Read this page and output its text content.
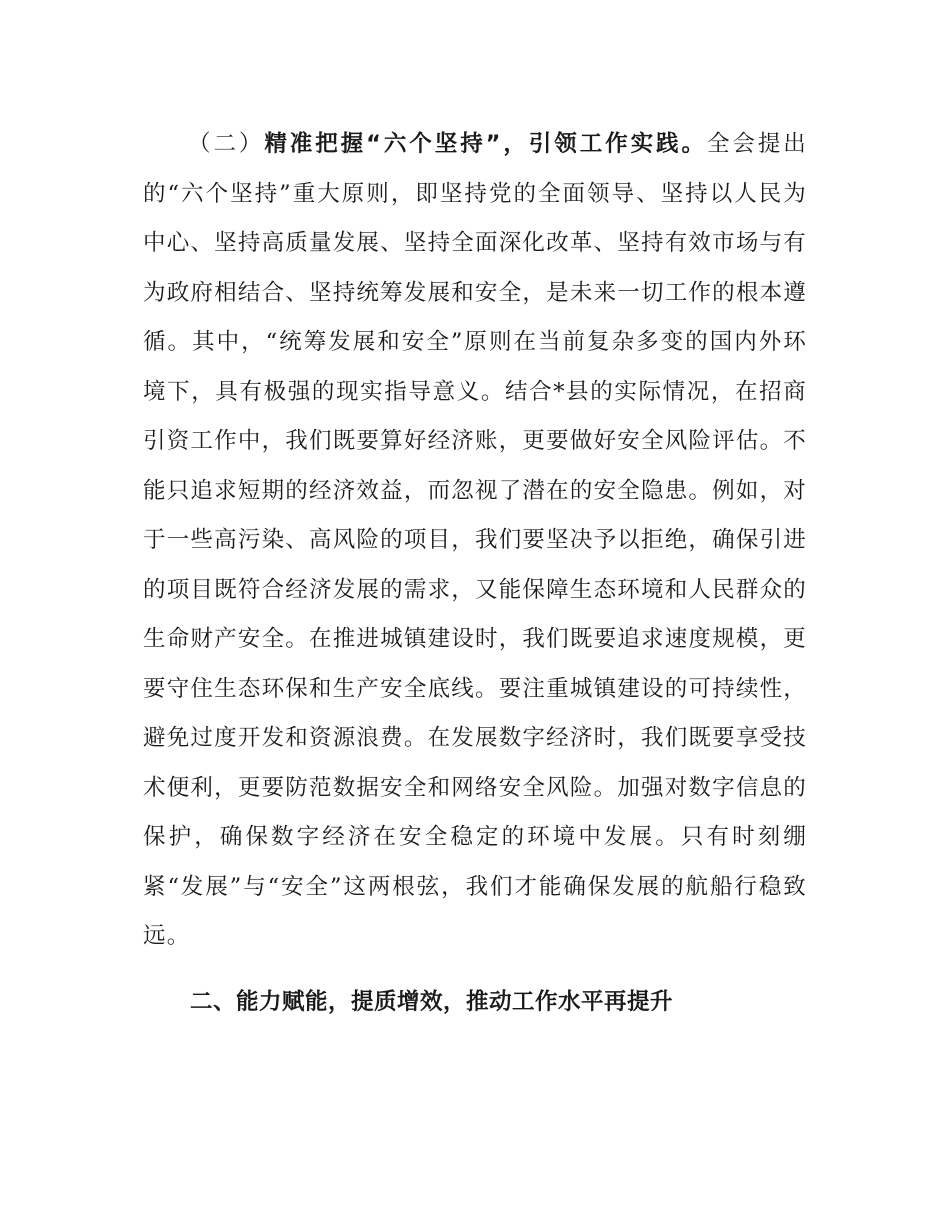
（二）精准把握“六个坚持”，引领工作实践。全会提出的“六个坚持”重大原则，即坚持党的全面领导、坚持以人民为中心、坚持高质量发展、坚持全面深化改革、坚持有效市场与有为政府相结合、坚持统筹发展和安全，是未来一切工作的根本遵循。其中，“统筹发展和安全”原则在当前复杂多变的国内外环境下，具有极强的现实指导意义。结合*县的实际情况，在招商引资工作中，我们既要算好经济账，更要做好安全风险评估。不能只追求短期的经济效益，而忽视了潜在的安全隐患。例如，对于一些高污染、高风险的项目，我们要坚决予以拒绝，确保引进的项目既符合经济发展的需求，又能保障生态环境和人民群众的生命财产安全。在推进城镇建设时，我们既要追求速度规模，更要守住生态环保和生产安全底线。要注重城镇建设的可持续性，避免过度开发和资源浪费。在发展数字经济时，我们既要享受技术便利，更要防范数据安全和网络安全风险。加强对数字信息的保护，确保数字经济在安全稳定的环境中发展。只有时刻绷紧“发展”与“安全”这两根弦，我们才能确保发展的航船行稳致远。

二、能力赋能，提质增效，推动工作水平再提升
